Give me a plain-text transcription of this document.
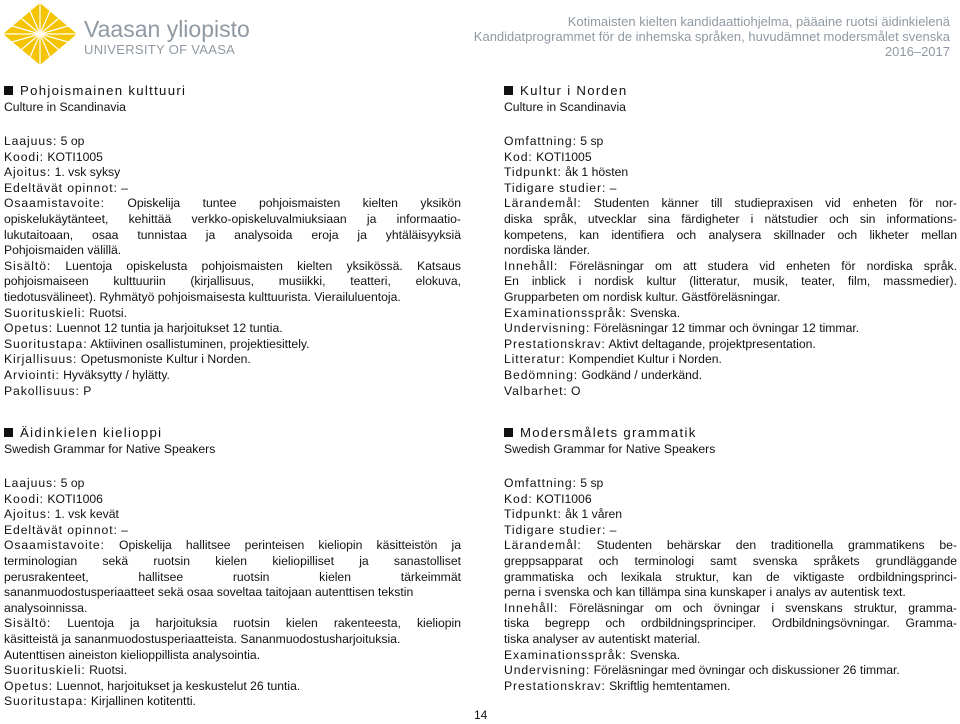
Vaasan yliopisto
UNIVERSITY OF VAASA
Kotimaisten kielten kandidaattiohjelma, pääaine ruotsi äidinkielenä
Kandidatprogrammet för de inhemska språken, huvudämnet modersmålet svenska
2016–2017

Pohjoismainen kulttuuri

Culture in Scandinavia

Laajuus: 5 op

Koodi: KOTI1005

Ajoitus: 1. vsk syksy

Edeltävät opinnot: –

Osaamistavoite: Opiskelija tuntee pohjoismaisten kielten yksikön

opiskelukäytänteet, kehittää verkko-opiskeluvalmiuksiaan ja informaatio-

lukutaitoaan, osaa tunnistaa ja analysoida eroja ja yhtäläisyyksiä

Pohjoismaiden välillä.

Sisältö: Luentoja opiskelusta pohjoismaisten kielten yksikössä. Katsaus

pohjoismaiseen kulttuuriin (kirjallisuus, musiikki, teatteri, elokuva,

tiedotusvälineet). Ryhmätyö pohjoismaisesta kulttuurista. Vierailuluentoja.

Suorituskieli: Ruotsi.

Opetus: Luennot 12 tuntia ja harjoitukset 12 tuntia.

Suoritustapa: Aktiivinen osallistuminen, projektiesittely.

Kirjallisuus: Opetusmoniste Kultur i Norden.

Arviointi: Hyväksytty / hylätty.

Pakollisuus: P

Kultur i Norden

Culture in Scandinavia

Omfattning: 5 sp

Kod: KOTI1005

Tidpunkt: åk 1 hösten

Tidigare studier: –

Lärandemål: Studenten känner till studiepraxisen vid enheten för nor-

diska språk, utvecklar sina färdigheter i nätstudier och sin informations-

kompetens, kan identifiera och analysera skillnader och likheter mellan

nordiska länder.

Innehåll: Föreläsningar om att studera vid enheten för nordiska språk.

En inblick i nordisk kultur (litteratur, musik, teater, film, massmedier).

Grupparbeten om nordisk kultur. Gästföreläsningar.

Examinationsspråk: Svenska.

Undervisning: Föreläsningar 12 timmar och övningar 12 timmar.

Prestationskrav: Aktivt deltagande, projektpresentation.

Litteratur: Kompendiet Kultur i Norden.

Bedömning: Godkänd / underkänd.

Valbarhet: O

Äidinkielen kielioppi

Swedish Grammar for Native Speakers

Laajuus: 5 op

Koodi: KOTI1006

Ajoitus: 1. vsk kevät

Edeltävät opinnot: –

Osaamistavoite: Opiskelija hallitsee perinteisen kieliopin käsitteistön ja

terminologian sekä ruotsin kielen kieliopilliset ja sanastolliset

perusrakenteet, hallitsee ruotsin kielen tärkeimmät

sananmuodostusperiaatteet sekä osaa soveltaa taitojaan autenttisen tekstin

analysoinnissa.

Sisältö: Luentoja ja harjoituksia ruotsin kielen rakenteesta, kieliopin

käsitteistä ja sananmuodostusperiaatteista. Sananmuodostusharjoituksia.

Autenttisen aineiston kielioppillista analysointia.

Suorituskieli: Ruotsi.

Opetus: Luennot, harjoitukset ja keskustelut 26 tuntia.

Suoritustapa: Kirjallinen kotitentti.

Modersmålets grammatik

Swedish Grammar for Native Speakers

Omfattning: 5 sp

Kod: KOTI1006

Tidpunkt: åk 1 våren

Tidigare studier: –

Lärandemål: Studenten behärskar den traditionella grammatikens be-

greppsapparat och terminologi samt svenska språkets grundläggande

grammatiska och lexikala struktur, kan de viktigaste ordbildningsprinci-

perna i svenska och kan tillämpa sina kunskaper i analys av autentisk text.

Innehåll: Föreläsningar om och övningar i svenskans struktur, gramma-

tiska begrepp och ordbildningsprinciper. Ordbildningsövningar. Gramma-

tiska analyser av autentiskt material.

Examinationsspråk: Svenska.

Undervisning: Föreläsningar med övningar och diskussioner 26 timmar.

Prestationskrav: Skriftlig hemtentamen.

14
